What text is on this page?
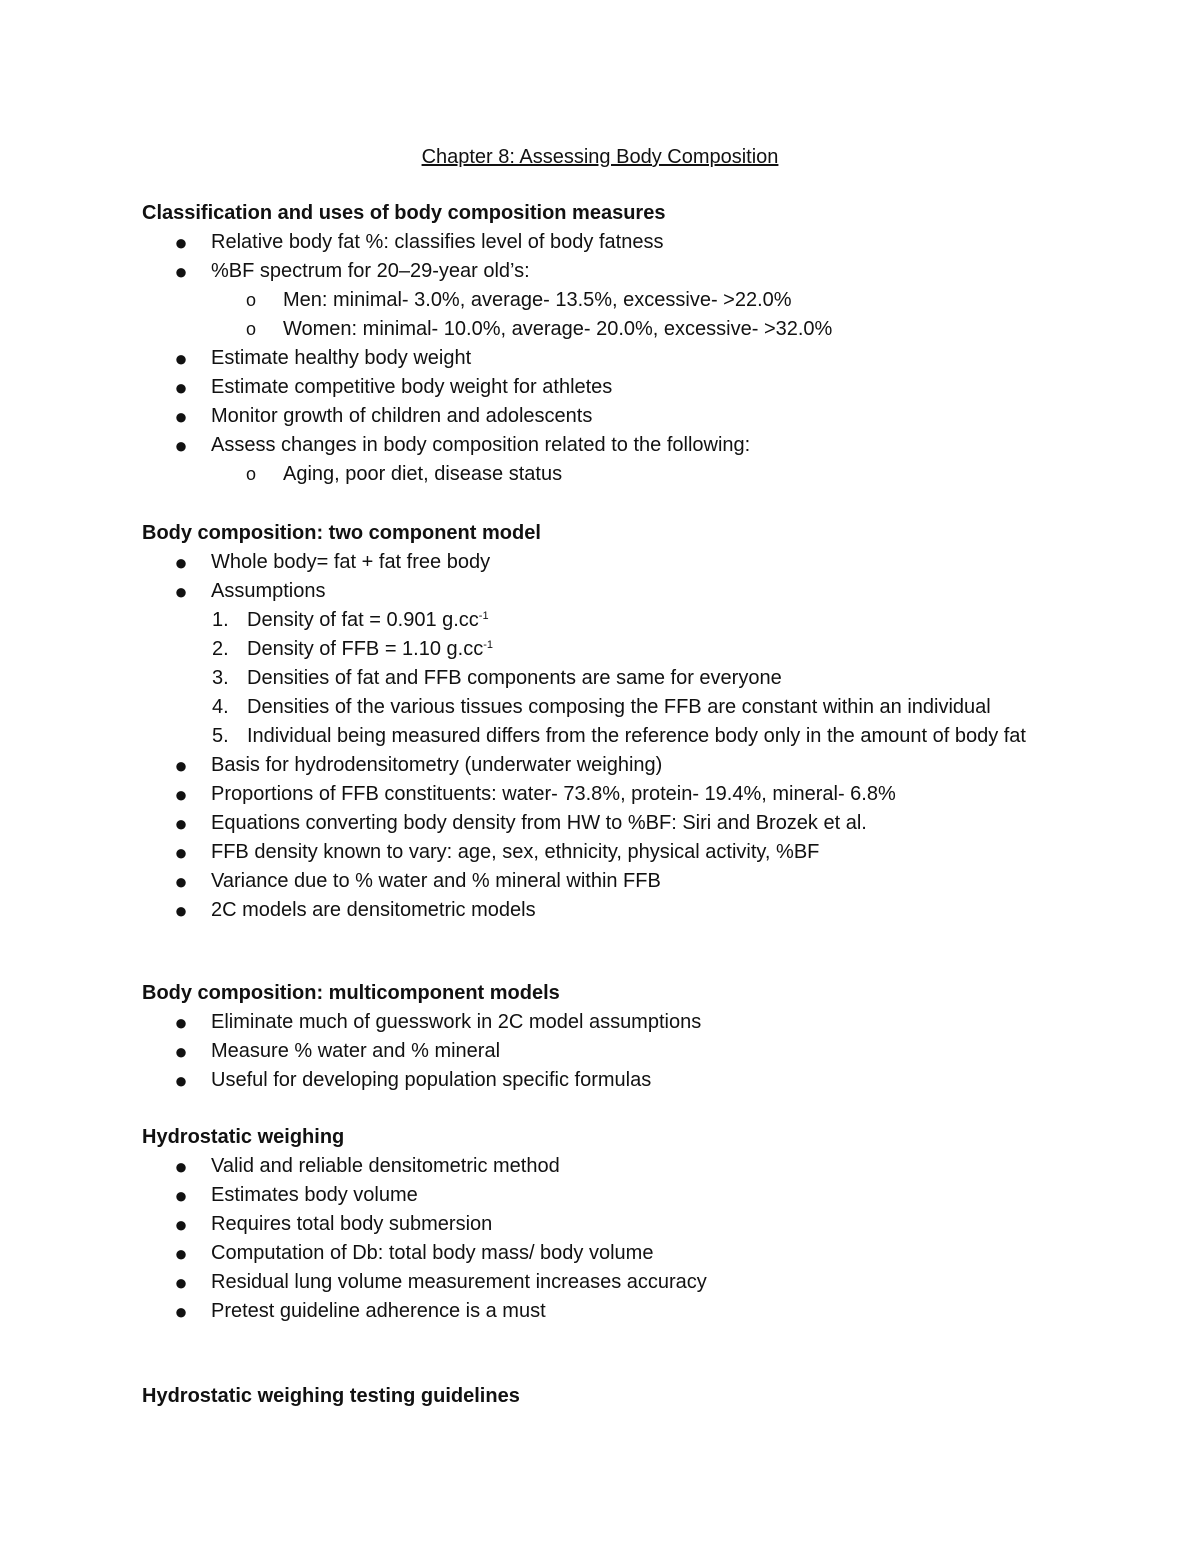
Chapter 8: Assessing Body Composition
Classification and uses of body composition measures
● Relative body fat %: classifies level of body fatness
● %BF spectrum for 20–29-year old’s:
o Men: minimal- 3.0%, average- 13.5%, excessive- >22.0%
o Women: minimal- 10.0%, average- 20.0%, excessive- >32.0%
● Estimate healthy body weight
● Estimate competitive body weight for athletes
● Monitor growth of children and adolescents
● Assess changes in body composition related to the following:
o Aging, poor diet, disease status
Body composition: two component model
● Whole body= fat + fat free body
● Assumptions
1. Density of fat = 0.901 $g.cc^{-1}$
2. Density of FFB = 1.10 $g.cc^{-1}$
3. Densities of fat and FFB components are same for everyone
4. Densities of the various tissues composing the FFB are constant within an individual
5. Individual being measured differs from the reference body only in the amount of body fat
● Basis for hydrodensitometry (underwater weighing)
● Proportions of FFB constituents: water- 73.8%, protein- 19.4%, mineral- 6.8%
● Equations converting body density from HW to %BF: Siri and Brozek et al.
● FFB density known to vary: age, sex, ethnicity, physical activity, %BF
● Variance due to % water and % mineral within FFB
● 2C models are densitometric models
Body composition: multicomponent models
● Eliminate much of guesswork in 2C model assumptions
● Measure % water and % mineral
● Useful for developing population specific formulas
Hydrostatic weighing
● Valid and reliable densitometric method
● Estimates body volume
● Requires total body submersion
● Computation of Db: total body mass/ body volume
● Residual lung volume measurement increases accuracy
● Pretest guideline adherence is a must
Hydrostatic weighing testing guidelines
